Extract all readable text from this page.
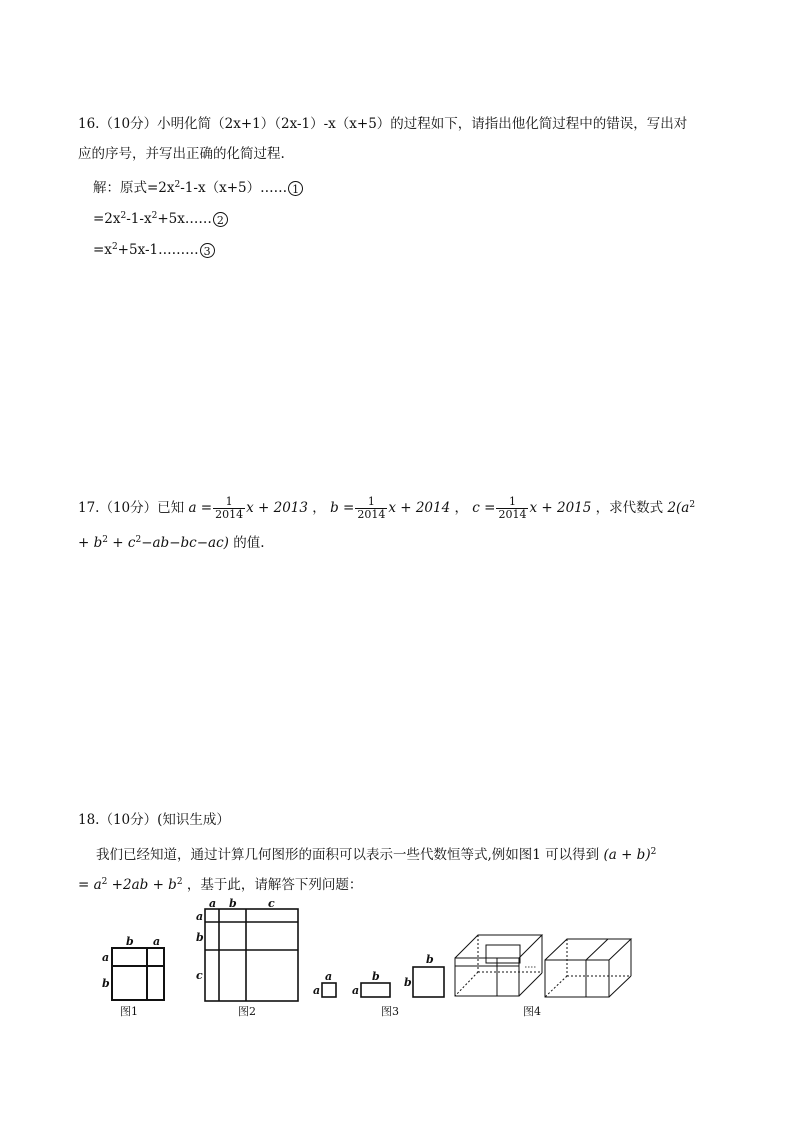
16.（10分）小明化简（2x+1）（2x-1）-x（x+5）的过程如下，请指出他化简过程中的错误，写出对
应的序号，并写出正确的化简过程.
解：原式$=2x^2-1-x(x+5)\dots\dots$ 1
$=2x^2-1-x^2+5x\dots\dots$ 2
$=x^2+5x-1\dots\dots\dots$ 3
17.（10分）已知 $a = \frac{1}{2014}$ x + 2013 ， $b = \frac{1}{2014}$ x + 2014 ， $c = \frac{1}{2014}$ x + 2015 ，求代数式 $2(a^2$
+ $b^2 + c^2-ab-bc-ac$) 的值.
18.（10分）(知识生成）
我们已经知道，通过计算几何图形的面积可以表示一些代数恒等式,例如图1 可以得到 $(a + b)^2$
= $a^2 +2ab + b^2$ ，基于此，请解答下列问题：
b a
a
b
图1
a b	c
a
b
c
图2
a
a
b
a
b
b
图3	图4
